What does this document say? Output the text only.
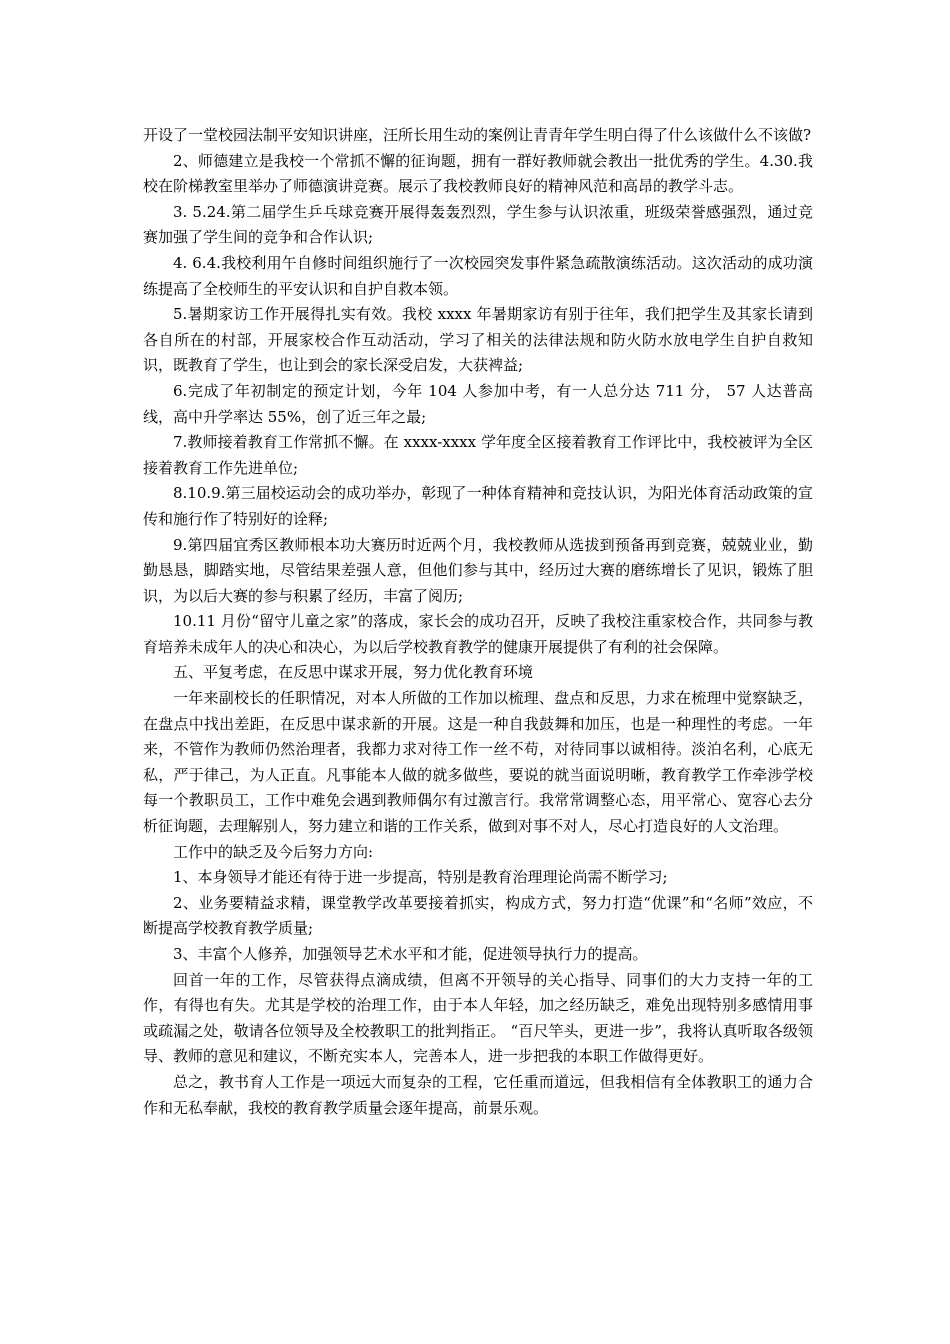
开设了一堂校园法制平安知识讲座，汪所长用生动的案例让青青年学生明白得了什么该做什么不该做?

2、师德建立是我校一个常抓不懈的征询题，拥有一群好教师就会教出一批优秀的学生。4.30.我校在阶梯教室里举办了师德演讲竞赛。展示了我校教师良好的精神风范和高昂的教学斗志。

3. 5.24.第二届学生乒乓球竞赛开展得轰轰烈烈，学生参与认识浓重，班级荣誉感强烈，通过竞赛加强了学生间的竞争和合作认识;

4. 6.4.我校利用午自修时间组织施行了一次校园突发事件紧急疏散演练活动。这次活动的成功演练提高了全校师生的平安认识和自护自救本领。

5.暑期家访工作开展得扎实有效。我校 xxxx 年暑期家访有别于往年，我们把学生及其家长请到各自所在的村部，开展家校合作互动活动，学习了相关的法律法规和防火防水放电学生自护自救知识，既教育了学生，也让到会的家长深受启发，大获裨益;

6.完成了年初制定的预定计划，今年 104 人参加中考，有一人总分达 711 分， 57 人达普高线，高中升学率达 55%，创了近三年之最;

7.教师接着教育工作常抓不懈。在 xxxx-xxxx 学年度全区接着教育工作评比中，我校被评为全区接着教育工作先进单位;

8.10.9.第三届校运动会的成功举办，彰现了一种体育精神和竞技认识，为阳光体育活动政策的宣传和施行作了特别好的诠释;

9.第四届宜秀区教师根本功大赛历时近两个月，我校教师从选拔到预备再到竞赛，兢兢业业，勤勤恳恳，脚踏实地，尽管结果差强人意，但他们参与其中，经历过大赛的磨练增长了见识，锻炼了胆识，为以后大赛的参与积累了经历，丰富了阅历;

10.11 月份“留守儿童之家”的落成，家长会的成功召开，反映了我校注重家校合作，共同参与教育培养未成年人的决心和决心，为以后学校教育教学的健康开展提供了有利的社会保障。

五、平复考虑，在反思中谋求开展，努力优化教育环境

一年来副校长的任职情况，对本人所做的工作加以梳理、盘点和反思，力求在梳理中觉察缺乏，在盘点中找出差距，在反思中谋求新的开展。这是一种自我鼓舞和加压，也是一种理性的考虑。一年来，不管作为教师仍然治理者，我都力求对待工作一丝不苟，对待同事以诚相待。淡泊名利，心底无私，严于律己，为人正直。凡事能本人做的就多做些，要说的就当面说明晰，教育教学工作牵涉学校每一个教职员工，工作中难免会遇到教师偶尔有过激言行。我常常调整心态，用平常心、宽容心去分析征询题，去理解别人，努力建立和谐的工作关系，做到对事不对人，尽心打造良好的人文治理。

工作中的缺乏及今后努力方向:

1、本身领导才能还有待于进一步提高，特别是教育治理理论尚需不断学习;

2、业务要精益求精，课堂教学改革要接着抓实，构成方式，努力打造“优课”和“名师”效应，不断提高学校教育教学质量;

3、丰富个人修养，加强领导艺术水平和才能，促进领导执行力的提高。

回首一年的工作，尽管获得点滴成绩，但离不开领导的关心指导、同事们的大力支持一年的工作，有得也有失。尤其是学校的治理工作，由于本人年轻，加之经历缺乏，难免出现特别多感情用事或疏漏之处，敬请各位领导及全校教职工的批判指正。 “百尺竿头，更进一步”，我将认真听取各级领导、教师的意见和建议，不断充实本人，完善本人，进一步把我的本职工作做得更好。

总之，教书育人工作是一项远大而复杂的工程，它任重而道远，但我相信有全体教职工的通力合作和无私奉献，我校的教育教学质量会逐年提高，前景乐观。
